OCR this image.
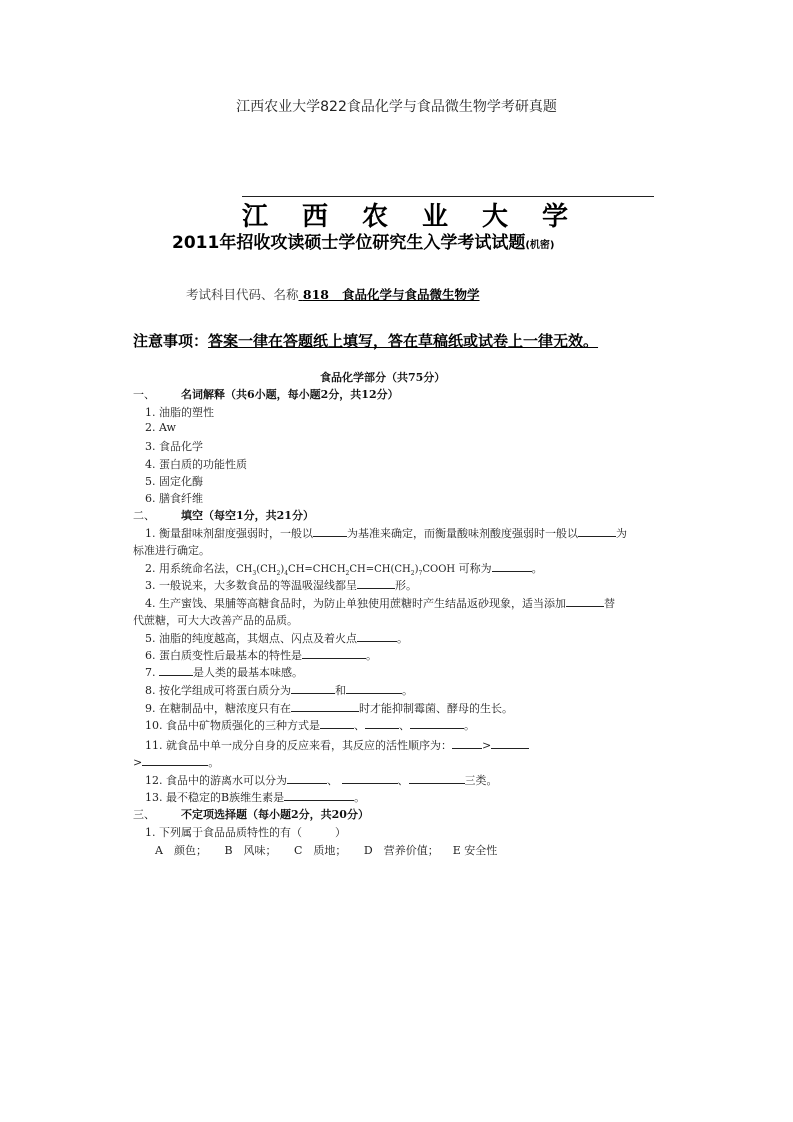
江西农业大学822食品化学与食品微生物学考研真题
江西农业大学
2011年招收攻读硕士学位研究生入学考试试题(机密)
考试科目代码、名称 818 食品化学与食品微生物学
注意事项：答案一律在答题纸上填写，答在草稿纸或试卷上一律无效。
食品化学部分（共75分）
一、 名词解释（共6小题，每小题2分，共12分）
1. 油脂的塑性
2. Aw
3. 食品化学
4. 蛋白质的功能性质
5. 固定化酶
6. 膳食纤维
二、 填空（每空1分，共21分）
1. 衡量甜味剂甜度强弱时，一般以	为基准来确定，而衡量酸味剂酸度强弱时一般以	为
标准进行确定。
2. 用系统命名法，$CH_3(CH_2)_4CH=CHCH_2CH=CH(CH_2)_7COOH$ 可称为	。
3. 一般说来，大多数食品的等温吸湿线都呈	形。
4. 生产蜜饯、果脯等高糖食品时，为防止单独使用蔗糖时产生结晶返砂现象，适当添加	替
代蔗糖，可大大改善产品的品质。
5. 油脂的纯度越高，其烟点、闪点及着火点	。
6. 蛋白质变性后最基本的特性是	。
7.	是人类的最基本味感。
8. 按化学组成可将蛋白质分为	和	。
9. 在糖制品中，糖浓度只有在	时才能抑制霉菌、酵母的生长。
10. 食品中矿物质强化的三种方式是	、	、	。
11. 就食品中单一成分自身的反应来看，其反应的活性顺序为：	>
>	。
12. 食品中的游离水可以分为	、	、	三类。
13. 最不稳定的B族维生素是	。
三、 不定项选择题（每小题2分，共20分）
1. 下列属于食品品质特性的有（　　　）
A　颜色； B　风味； C　质地； D　营养价值； E 安全性
